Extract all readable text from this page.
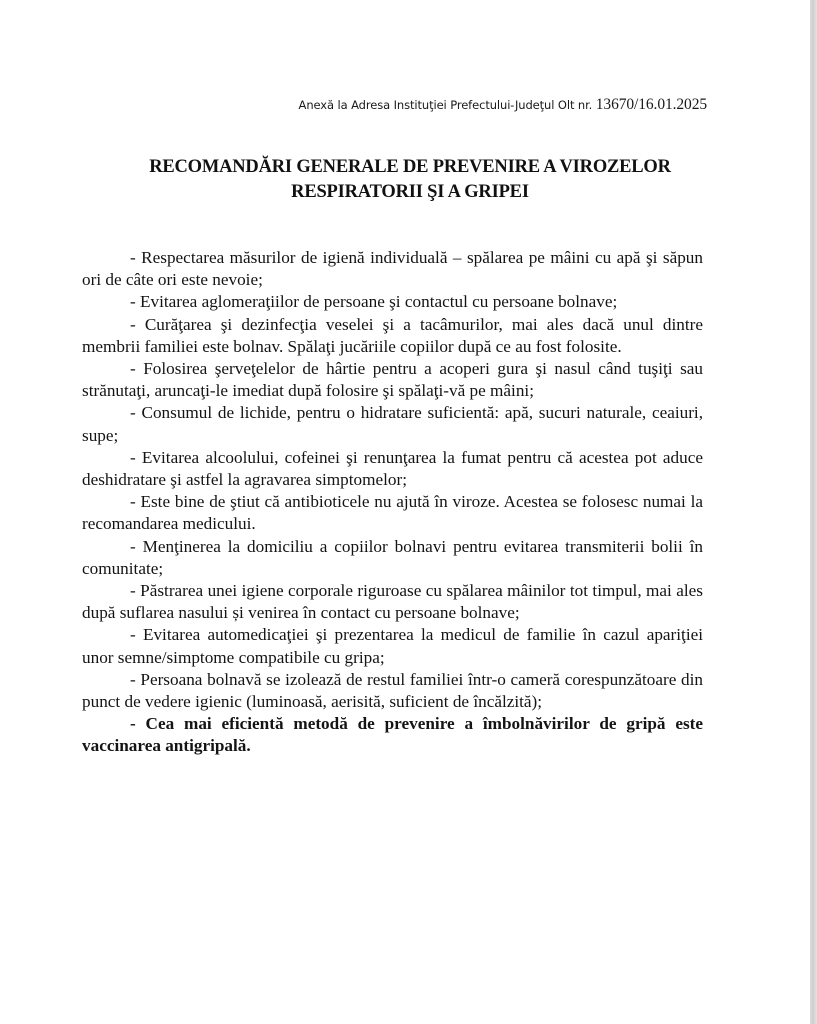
Anexă la Adresa Instituţiei Prefectului-Judeţul Olt nr. 13670/16.01.2025
RECOMANDĂRI GENERALE DE PREVENIRE A VIROZELOR
RESPIRATORII ŞI A GRIPEI

- Respectarea măsurilor de igienă individuală – spălarea pe mâini cu apă şi săpun ori de câte ori este nevoie;

- Evitarea aglomeraţiilor de persoane şi contactul cu persoane bolnave;

- Curăţarea şi dezinfecţia veselei şi a tacâmurilor, mai ales dacă unul dintre membrii familiei este bolnav. Spălaţi jucăriile copiilor după ce au fost folosite.

- Folosirea şerveţelelor de hârtie pentru a acoperi gura şi nasul când tuşiţi sau strănutaţi, aruncaţi-le imediat după folosire şi spălaţi-vă pe mâini;

- Consumul de lichide, pentru o hidratare suficientă: apă, sucuri naturale, ceaiuri, supe;

- Evitarea alcoolului, cofeinei şi renunţarea la fumat pentru că acestea pot aduce deshidratare şi astfel la agravarea simptomelor;

- Este bine de ştiut că antibioticele nu ajută în viroze. Acestea se folosesc numai la recomandarea medicului.

- Menţinerea la domiciliu a copiilor bolnavi pentru evitarea transmiterii bolii în comunitate;

- Păstrarea unei igiene corporale riguroase cu spălarea mâinilor tot timpul, mai ales după suflarea nasului și venirea în contact cu persoane bolnave;

- Evitarea automedicaţiei şi prezentarea la medicul de familie în cazul apariţiei unor semne/simptome compatibile cu gripa;

- Persoana bolnavă se izolează de restul familiei într-o cameră corespunzătoare din punct de vedere igienic (luminoasă, aerisită, suficient de încălzită);

- Cea mai eficientă metodă de prevenire a îmbolnăvirilor de gripă este vaccinarea antigripală.
